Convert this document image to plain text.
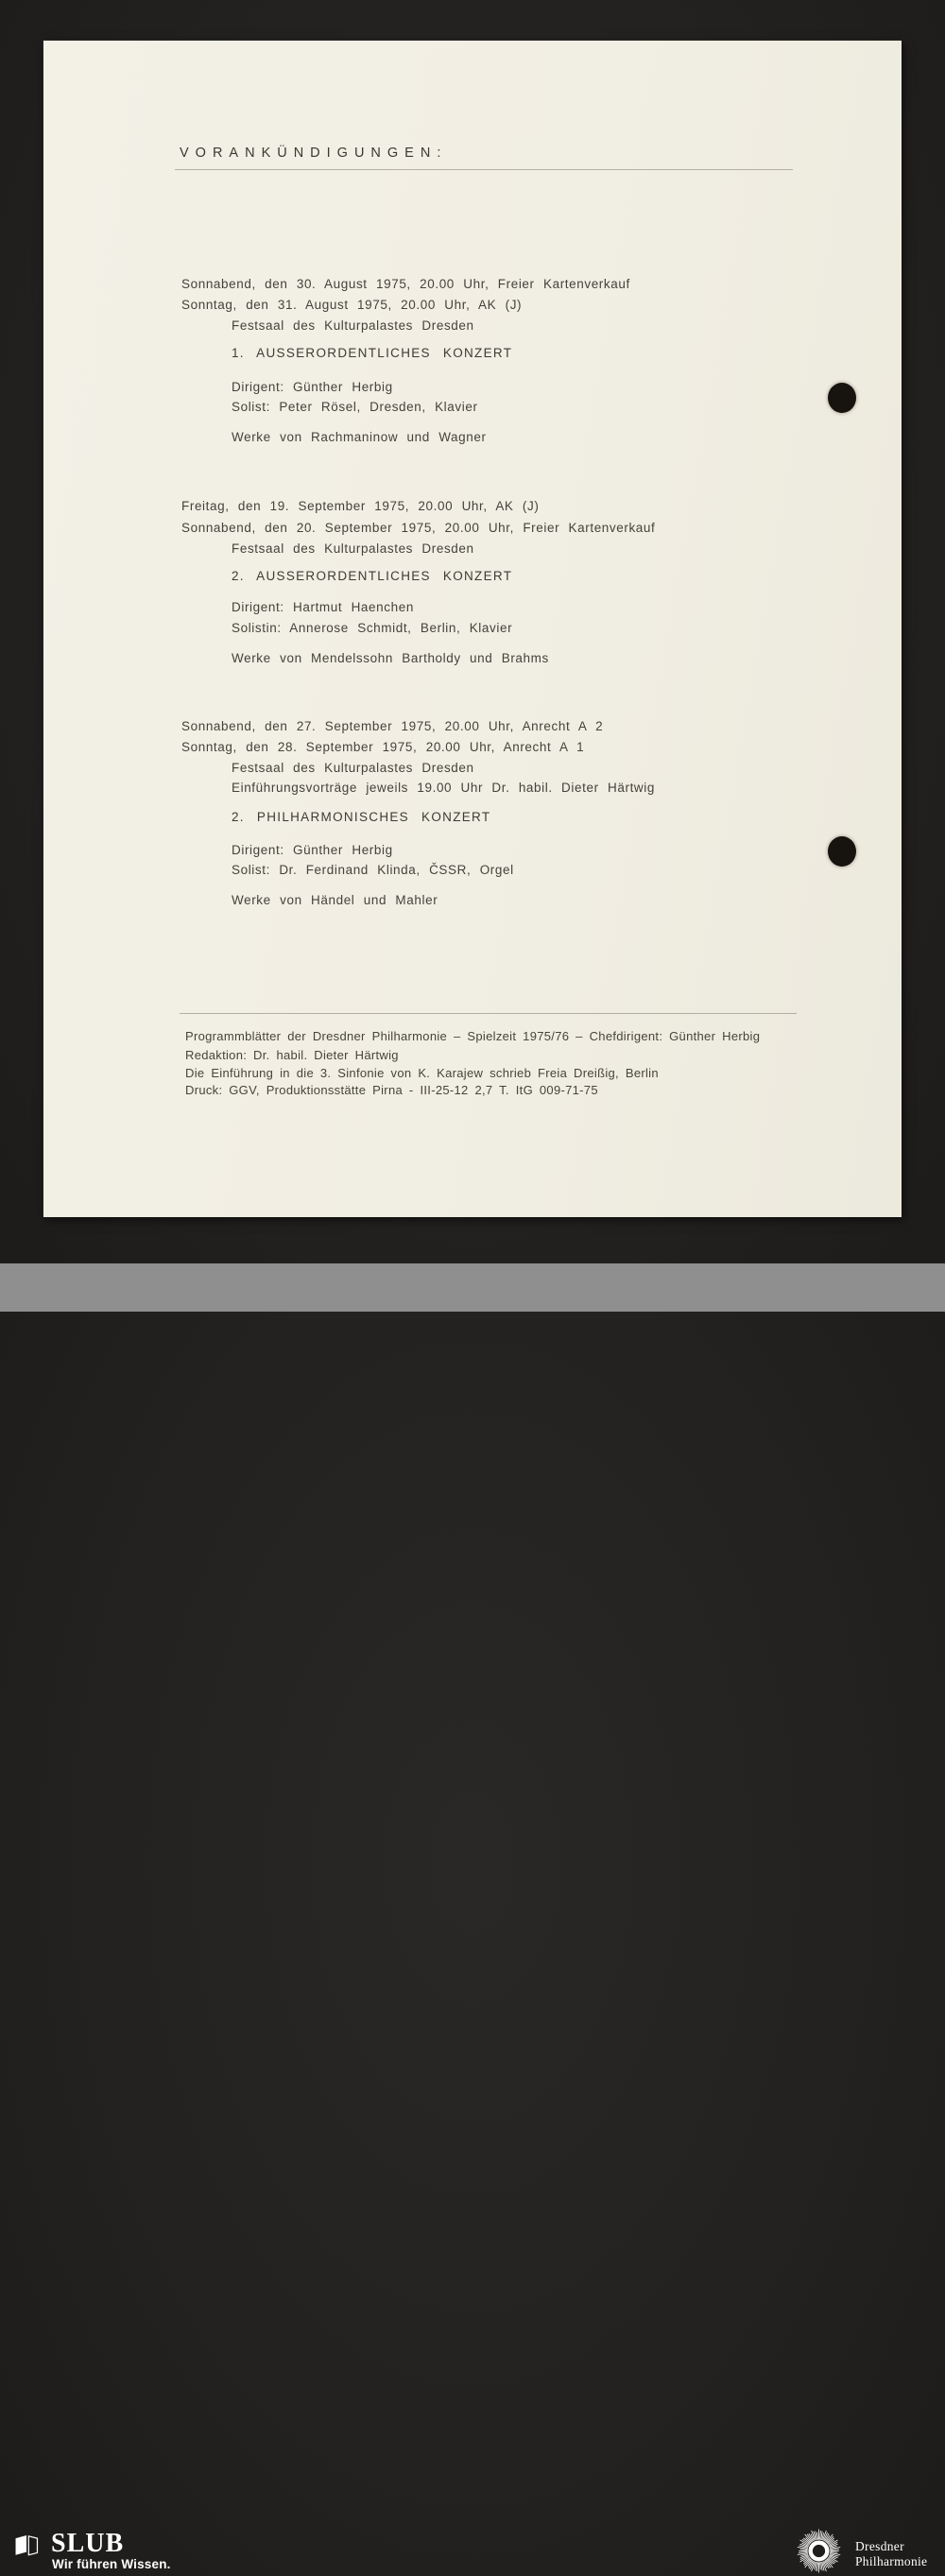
VORANKÜNDIGUNGEN:
Sonnabend, den 30. August 1975, 20.00 Uhr, Freier Kartenverkauf
Sonntag, den 31. August 1975, 20.00 Uhr, AK (J)
Festsaal des Kulturpalastes Dresden
1. AUSSERORDENTLICHES KONZERT
Dirigent: Günther Herbig
Solist: Peter Rösel, Dresden, Klavier
Werke von Rachmaninow und Wagner
Freitag, den 19. September 1975, 20.00 Uhr, AK (J)
Sonnabend, den 20. September 1975, 20.00 Uhr, Freier Kartenverkauf
Festsaal des Kulturpalastes Dresden
2. AUSSERORDENTLICHES KONZERT
Dirigent: Hartmut Haenchen
Solistin: Annerose Schmidt, Berlin, Klavier
Werke von Mendelssohn Bartholdy und Brahms
Sonnabend, den 27. September 1975, 20.00 Uhr, Anrecht A 2
Sonntag, den 28. September 1975, 20.00 Uhr, Anrecht A 1
Festsaal des Kulturpalastes Dresden
Einführungsvorträge jeweils 19.00 Uhr Dr. habil. Dieter Härtwig
2. PHILHARMONISCHES KONZERT
Dirigent: Günther Herbig
Solist: Dr. Ferdinand Klinda, ČSSR, Orgel
Werke von Händel und Mahler
Programmblätter der Dresdner Philharmonie – Spielzeit 1975/76 – Chefdirigent: Günther Herbig
Redaktion: Dr. habil. Dieter Härtwig
Die Einführung in die 3. Sinfonie von K. Karajew schrieb Freia Dreißig, Berlin
Druck: GGV, Produktionsstätte Pirna - III-25-12 2,7 T. ItG 009-71-75
SLUB
Wir führen Wissen.
Dresdner
Philharmonie
